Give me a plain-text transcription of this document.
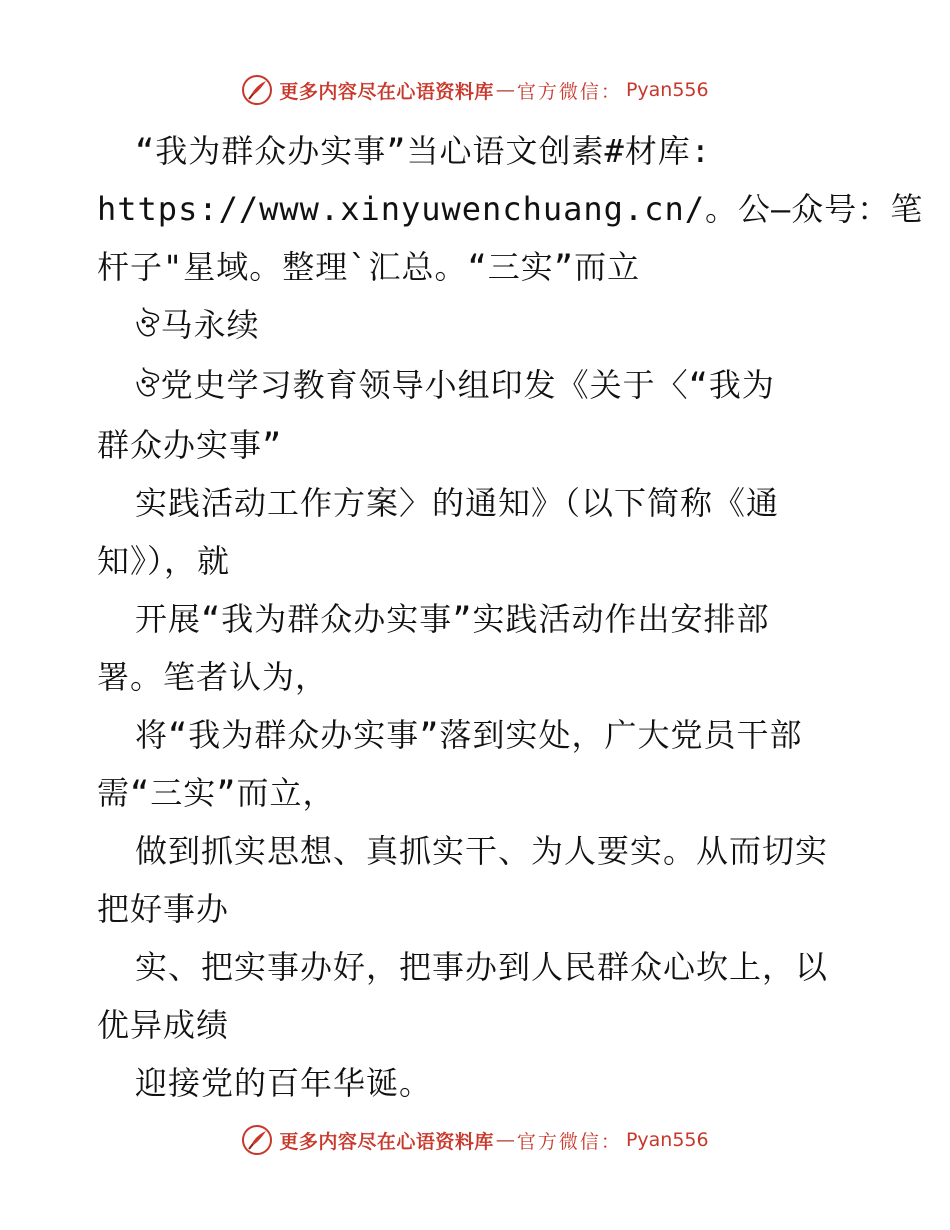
更多内容尽在心语资料库 — 官方微信： Pyan556
“我为群众办实事”当心语文创素#材库:
https://www.xinyuwenchuang.cn/。公—众号：笔
杆子"星域。整理`汇总。“三实”而立
ঔ马永续
ঔ党史学习教育领导小组印发《关于〈“我为
群众办实事”
实践活动工作方案〉的通知》（以下简称《通
知》），就
开展“我为群众办实事”实践活动作出安排部
署。笔者认为，
将“我为群众办实事”落到实处，广大党员干部
需“三实”而立，
做到抓实思想、真抓实干、为人要实。从而切实
把好事办
实、把实事办好，把事办到人民群众心坎上，以
优异成绩
迎接党的百年华诞。
更多内容尽在心语资料库 — 官方微信： Pyan556
